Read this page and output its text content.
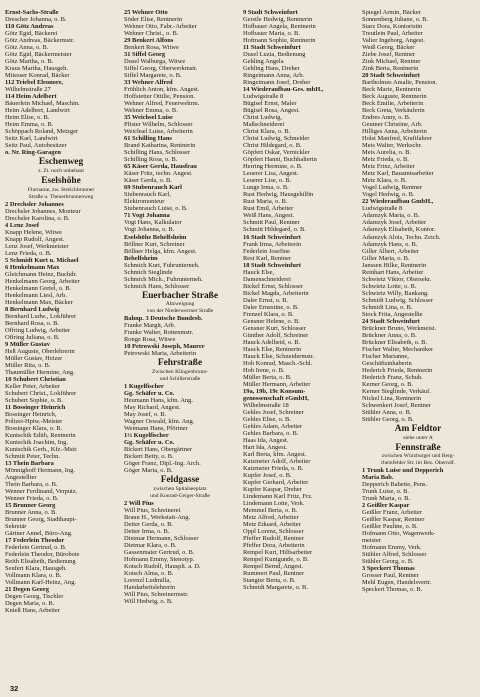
Ernst-Sachs-Straße
Drescher Johanna, o. B.
110 Götz Andreas
Götz Egid, Bäckerei
Götz Andreas, Bäckermstr.
Götz Anna, o. B.
Götz Egid, Bäckermeister
Götz Martha, o. B.
Kraus Martha, Hausgeh.
Mitesser Konrad, Bäcker
112 Triebel Eleonore,
Wilhelmstraße 27
114 Heim Adelbert
Bäuerlein Michael, Maschin.
Heim Adelbert, Landwirt
Heim Elise, o. B.
Heim Emma, o. B.
Schöppach Roland, Metzger
Seitz Karl, Landwirt
Seitz Paul, Autobesitzer
o. Nr. Ring-Garagen
Eschenweg
z. Zt. noch unbebaut
Eselshöhe
Flurname, zw. Streichbrunner
Straße u. Theuerbrunnenweg
2 Drechsler Johannes
Drechsler Johannes, Monteur
Drechsler Karolina, o. B.
4 Lenz Josef
Knapp Helene, Witwe
Knapp Rudolf, Angest.
Lenz Josef, Werkmeister
Lenz Frieda, o. B.
5 Schmidt Kurt u. Michael
6 Henkelmann Max
Gleichmann Heinz, Buchdr.
Henkelmann Georg, Arbeiter
Henkelmann Gretel, o. B.
Henkelmann Liesl, Arb.
Henkelmann Max, Bäcker
8 Bernhard Ludwig
Bernhard Ludw., Lokführer
Bernhard Rosa, o. B.
Offring Ludwig, Arbeiter
Offring Juliana, o. B.
9 Müller Gustav
Heß Auguste, Oberlehrerin
Müller Gustav, Heizer
Müller Rita, o. B.
Thaumüller Hermine, Ang.
10 Schubert Christian
Keller Peter, Arbeiter
Schubert Christ., Lokführer
Schubert Sophie, o. B.
11 Bossinger Heinrich
Bossinger Heinrich,
Polizei-Hptw.-Meister
Bossinger Klara, o. B.
Kuntschik Edith, Rentnerin
Kuntschik Joachim, Ing.
Kuntschik Gerh., Kfz.-Mstr.
Schmitt Peter, Techn.
13 Thein Barbara
Mönnighoff Hermann, Ing.
Angestellter
Thein Barbara, o. B.
Wenner Ferdinand, Verputz.
Wenner Frieda, o. B.
15 Brunner Georg
Brunner Anna, o. B.
Brunner Georg, Stadthaupt-
Sekretär
Gärtner Annel, Büro-Ang.
17 Federlein Theodor
Federlein Gertrud, o. B.
Federlein Theodor, Bürobote
Reith Elisabeth, Bedienung
Seufert Klara, Hausgeh.
Vollmann Klara, o. B.
Vollmann Karl-Heinz, Ang.
21 Degen Georg
Degen Georg, Tischler
Degen Maria, o. B.
Knieß Hans, Arbeiter
25 Wehner Otto
Söder Elise, Rentnerin
Wehner Otto, Fabr.-Arbeiter
Wehner Christ., o. B.
29 Benkert Alfons
Benkert Rosa, Witwe
31 Siffel Georg
Dusel Walburga, Witwe
Siffel Georg, Oberwerkmstr.
Siffel Margarete, o. B.
33 Wehner Alfred
Fröhlich Anton, kfm. Angest.
Hoffstetter Ottilie, Pension.
Wehner Alfred, Feuerwehrm.
Wehner Emma, o. B.
35 Weichsel Luise
Pfister Wilhelm, Schlosser
Weichsel Luise, Arbeiterin
61 Schilling Hans
Brand Katharina, Rentnerin
Schilling Hans, Schlosser
Schilling Rosa, o. B.
65 Käser Gerda, Hausfrau
Käser Fritz, techn. Angest.
Käser Gerda, o. B.
69 Stubenrauch Karl
Stubenrauch Karl,
Elektromonteur
Stubenrauch Luise, o. B.
71 Vogt Johanna
Vogt Hans, Kalkulator
Vogt Johanna, o. B.
Eselshöhe Behelfsheim
Böllner Kurt, Schreiner
Böllner Helga, kfm. Angest.
Behelfsheim
Schmich Kurt, Fuhrunterneh.
Schmich Sieglinde
Schmich Mich., Fuhrunterneh.
Schmich Hans, Schlosser
Euerbacher Straße
Abzweigung
von der Niederwerrner Straße
Bahnp. 3 Deutsche Bundesb.
Franke Margit, Arb.
Franke Walter, Rottenmstr.
Ronge Rosa, Witwe
10 Petrowski Joseph, Maurer
Petrowski Maria, Arbeiterin
Fehrstraße
Zwischen Klingenbrunn-
und Schillerstraße
1 Kugelfischer
Gg. Schäfer u. Co.
Heumann Hans, kfm. Ang.
May Richard, Angest.
May Josef, o. B.
Wagner Oswald, kfm. Ang.
Weimann Hans, Pförtner
1½ Kugelfischer
Gg. Schäfer u. Co.
Bickert Hans, Obergärtner
Bickert Betty, o. B.
Göger Franz, Dipl.-Ing. Arch.
Göger Maria, o. B.
Feldgasse
zwischen Spitalseeplatz
und Konrad-Geiger-Straße
2 Will Pius
Will Pius, Schreinerei
Braun H., Werkstatt-Ang.
Detter Gerda, o. B.
Detter Irma, o. B.
Dietmar Hermann, Schlosser
Dietmar Klara, o. B.
Gassenmaier Gertrud, o. B.
Hofmann Emmy, Stenotyp.
Kotsch Rudolf, Hausplt. a. D.
Kotsch Alma, o. B.
Lorenzl Ludmilla,
Handarbeitslehrerin
Will Pius, Schreinermstr.
Will Hedwig, o. B.
9 Stadt Schweinfurt
Gerstle Hedwig, Rentnerin
Hofbauer Angela, Rentnerin
Hofbauer Maria, o. B.
Hofmann Sophie, Rentnerin
11 Stadt Schweinfurt
Dusel Luzia, Bedienung
Gehling Angela
Gehling Hans, Dreher
Ringeimann Anna, Arb.
Ringeimann Josef, Dreher
14 Wiederaufbau-Ges. mbH.,
Ludwigstraße 8
Bügisel Ernst, Maler
Bügisel Rosa, Angest.
Christ Ludwig,
Maßschneiderei
Christ Klara, o. B.
Christ Ludwig, Schneider
Christ Hildegard, o. B.
Göpfert Oskar, Vernickler
Göpfert Hanni, Buchhalterin
Herring Hermine, o. B.
Leuerer Lisa, Angest.
Leuerer Lise, o. B.
Lunge Irma, o. B.
Rust Hedwig, Hausgehilfin
Rust Maria, o. B.
Rust Emil, Arbeiter
Weiß Hans, Angest.
Schmitt Paul, Rentner
Schmitt Hildegard, o. B.
16 Stadt Schweinfurt
Frank Irma, Arbeiterin
Federlein Josefine
Rest Karl, Rentner
18 Stadt Schweinfurt
Hauck Else,
Damenschneiderei
Bickel Ernst, Schlosser
Bickel Magda, Arbeiterin
Daler Ernst, o. B.
Daler Ernestine, o. B.
Frenzel Klara, o. B.
Gensner Helene, o. B.
Gensner Kurt, Schlosser
Günther Adolf, Schreiner
Hauck Adelheid, o. B.
Hauck Else, Rentnerin
Hauck Else, Schneidermstr.
Hoh Konrad, Masch.-Schl.
Hoh Irene, o. B.
Müller Berta, o. B.
Müller Hermann, Arbeiter
19a, 19b, 19c Konsum-
genossenschaft eGmbH,
Wilhelmstraße 18
Gehles Josef, Schreiner
Gehles Elise, o. B.
Gehles Adam, Arbeiter
Gehles Barbara, o. B.
Haas Ida, Angest.
Hart Ida, Angest.
Karl Berta, kfm. Angest.
Katzmeier Adolf, Arbeiter
Katzmeier Frieda, o. B.
Kupfer Josef, o. B.
Kupfer Gerhard, Arbeiter
Kupfer Kaspar, Dreher
Lindemann Karl Fritz, Frz.
Lindemann Lotte, Verk.
Memmel Berta, o. B.
Metz Alfred, Arbeiter
Metz Eduard, Arbeiter
Oppl Lorenz, Schlosser
Pfeffer Rudolf, Rentner
Pfeffer Dora, Arbeiterin
Rempel Kurt, Hilfsarbeiter
Rempel Kunigunde, o. B.
Rempel Bernd, Angest.
Rummert Paul, Rentner
Stangier Berta, o. B.
Schmidt Margarete, o. B.
Spiegel Armin, Bäcker
Sonnenberg Juliane, o. B.
Starz Dora, Kontoristin
Treutlein Paul, Arbeiter
Valier Ingeborg, Angest.
Weiß Georg, Bäcker
Ziebe Josef, Rentner
Zink Michael, Rentner
Zink Berta, Rentnerin
20 Stadt Schweinfurt
Bartholmes Amalie, Pension.
Beck Marie, Rentnerin
Beck Auguste, Rentnerin
Beck Emilie, Arbeiterin
Beck Greta, Verkäuferin
Endres Anny, o. B.
Geutner Christine, Arb.
Hilliges Anna, Arbeiterin
Holst Manfred, Kraftfahrer
Meis Walter, Werkschr.
Meis Aurelia, o. B.
Metz Frieda, o. B.
Metz Frinz, Arbeiter
Metz Karl, Bauamtsarbeiter
Metz Klara, o. B.
Vogel Ludwig, Rentner
Vogel Hedwig, o. B.
22 Wiederaufbau GmbH.,
Ludwigstraße 8
Adamzyk Maria, o. B.
Adamzyk Josef, Arbeiter
Adamzyk Elisabeth, Kontor.
Adamzyk Alois, Techn. Zeich.
Adamzyk Hans, o. B.
Giller Albert, Arbeiter
Giller Maria, o. B.
Janssen Hilke, Rentnerin
Reinhart Hans, Arbeiter
Schwietz Viktor, Obersekr.
Schwietz Lotte, o. B.
Schwietz Willy, Bankang.
Schmidt Ludwig, Schlosser
Schmidt Lina, o. B.
Stock Frita, Angestellte
24 Stadt Schweinfurt
Brückner Bruno, Werkmeist.
Brückner Anna, o. B.
Brückner Elisabeth, o. B.
Fischer Walter, Mechaniker
Fischer Marianne,
Geschäftsinhaberin
Hederich Frieda, Rentnerin
Hederich Franz, Schuh.
Kerner Georg, o. B.
Kerner Sieglinde, Verkäuf.
Nickel Lina, Rentnerin
Schwenkert Josef, Rentner
Stühler Anna, o. B.
Stühler Georg, o. B.
Am Feldtor
siehe unter A
Fennstraße
zwischen Würzburger und Berg-
rheinfelder Str. im Bez. Oberndf.
1 Trunk Luise und Depperich
Maria Bab.
Depperich Babette, Pens.
Trunk Luise, o. B.
Trunk Maria, o. B.
2 Geißler Kaspar
Geißler Franz, Arbeiter
Geißler Kaspar, Rentner
Geißler Pauline, o. B.
Hofmann Otto, Wagenwerk-
meister
Hofmann Emmy, Verk.
Stühler Alfred, Schlosser
Stühler Georg, o. B.
3 Speckert Thomas
Grosser Paul, Rentner
Mehl Eugen, Handelsvertr.
Speckert Thomas, o. B.
32
